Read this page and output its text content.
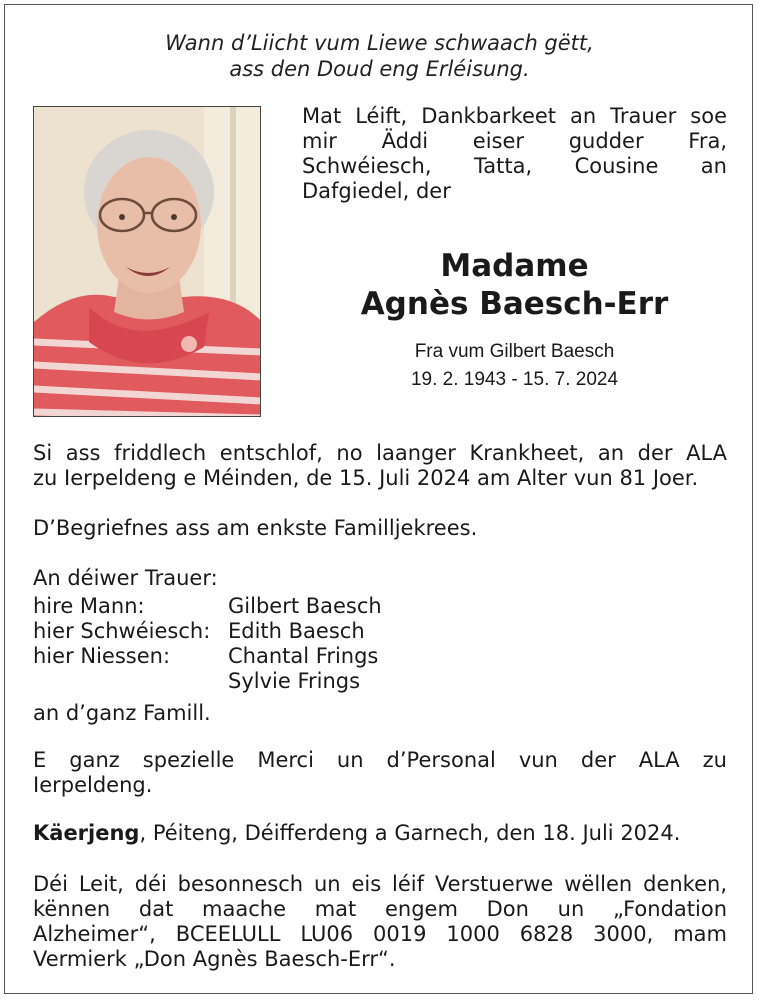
Wann d’Liicht vum Liewe schwaach gëtt,
ass den Doud eng Erléisung.
Mat Léift, Dankbarkeet an Trauer soe
mir Äddi eiser gudder Fra,
Schwéiesch, Tatta, Cousine an
Dafgiedel, der
Madame
Agnès Baesch-Err
Fra vum Gilbert Baesch
19. 2. 1943 - 15. 7. 2024
Si ass friddlech entschlof, no laanger Krankheet, an der ALA
zu Ierpeldeng e Méinden, de 15. Juli 2024 am Alter vun 81 Joer.
D’Begriefnes ass am enkste Familljekrees.
An déiwer Trauer:
hire Mann:	Gilbert Baesch
hier Schwéiesch: Edith Baesch
hier Niessen:	Chantal Frings
Sylvie Frings
an d’ganz Famill.
E ganz spezielle Merci un d’Personal vun der ALA zu
Ierpeldeng.
Käerjeng, Péiteng, Déifferdeng a Garnech, den 18. Juli 2024.
Déi Leit, déi besonnesch un eis léif Verstuerwe wëllen denken,
kënnen dat maache mat engem Don un „Fondation
Alzheimer“, BCEELULL LU06 0019 1000 6828 3000, mam
Vermierk „Don Agnès Baesch-Err“.
